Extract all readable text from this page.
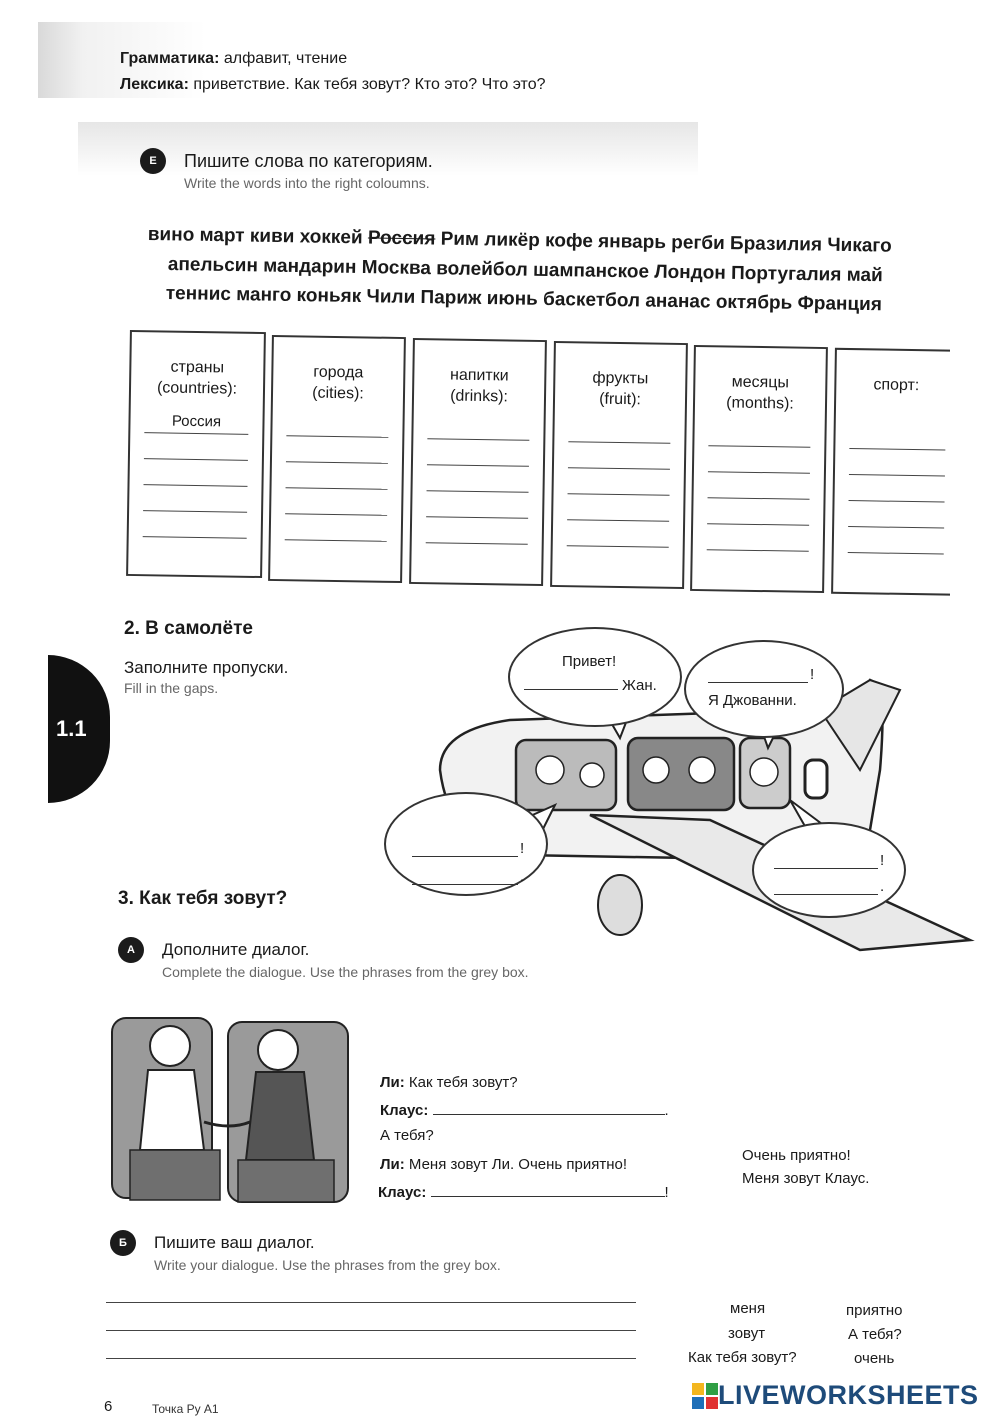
Грамматика: алфавит, чтение
Лексика: приветствие. Как тебя зовут? Кто это? Что это?
E	Пишите слова по категориям.
Write the words into the right coloumns.
вино март киви хоккей Россия Рим ликёр кофе январь регби Бразилия Чикаго
апельсин мандарин Москва волейбол шампанское Лондон Португалия май
теннис манго коньяк Чили Париж июнь баскетбол ананас октябрь Франция
страны
(countries):
Россия
города
(cities):
напитки
(drinks):
фрукты
(fruit):
месяцы
(months):
спорт:
2. В самолёте
Заполните пропуски.
Fill in the gaps.
1.1
Привет!
Жан.
!
Я Джованни.
!
.
!
.
3. Как тебя зовут?
A	Дополните диалог.
Complete the dialogue. Use the phrases from the grey box.
Ли: Как тебя зовут?
Клаус:	.
А тебя?
Ли: Меня зовут Ли. Очень приятно!
Клаус:	!
Очень приятно!
Меня зовут Клаус.
Б	Пишите ваш диалог.
Write your dialogue. Use the phrases from the grey box.
меня	приятно
зовут	А тебя?
Как тебя зовут?	очень
6	Точка Ру А1	LIVEWORKSHEETS
